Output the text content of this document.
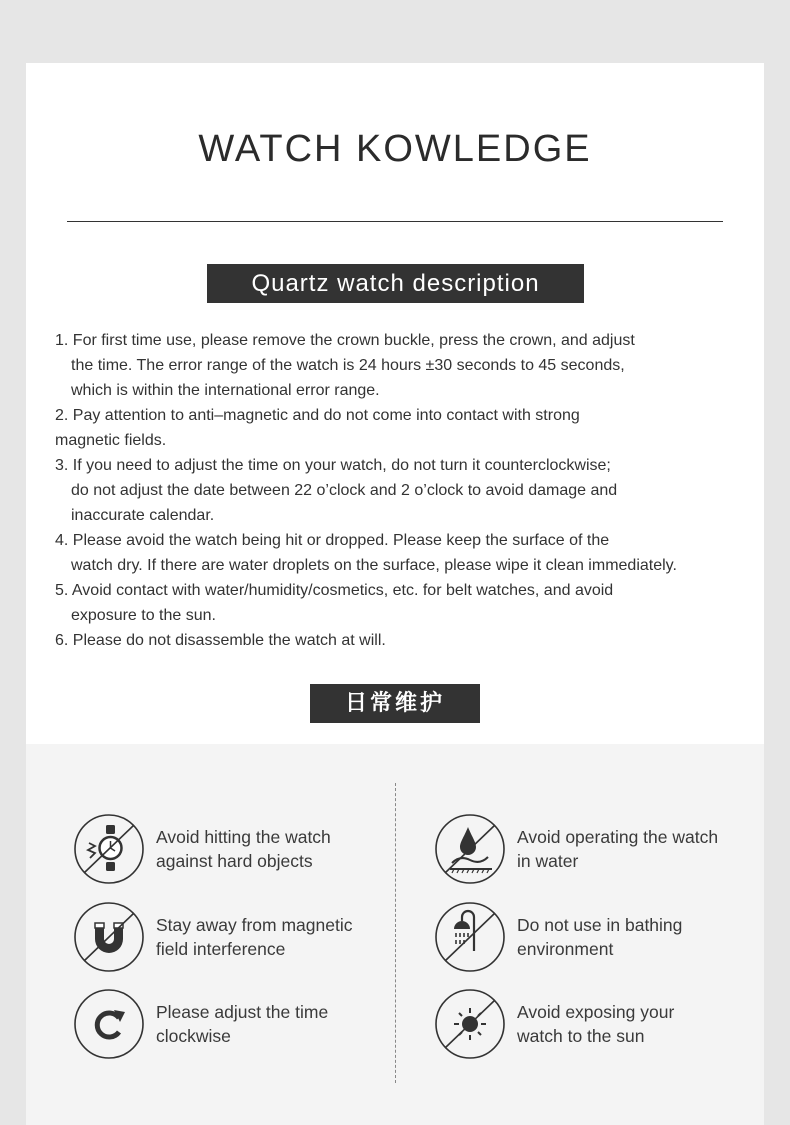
WATCH KOWLEDGE
Quartz watch description
1. For first time use, please remove the crown buckle, press the crown, and adjust
the time. The error range of the watch is 24 hours ±30 seconds to 45 seconds,
which is within the international error range.
2. Pay attention to anti–magnetic and do not come into contact with strong
magnetic fields.
3. If you need to adjust the time on your watch, do not turn it counterclockwise;
do not adjust the date between 22 o’clock and 2 o’clock to avoid damage and
inaccurate calendar.
4. Please avoid the watch being hit or dropped. Please keep the surface of the
watch dry. If there are water droplets on the surface, please wipe it clean immediately.
5. Avoid contact with water/humidity/cosmetics, etc. for belt watches, and avoid
exposure to the sun.
6. Please do not disassemble the watch at will.
日常维护
Avoid hitting the watch
against hard objects
Avoid operating the watch
in water
Stay away from magnetic
field interference
Do not use in bathing
environment
Please adjust the time
clockwise
Avoid exposing your
watch to the sun
